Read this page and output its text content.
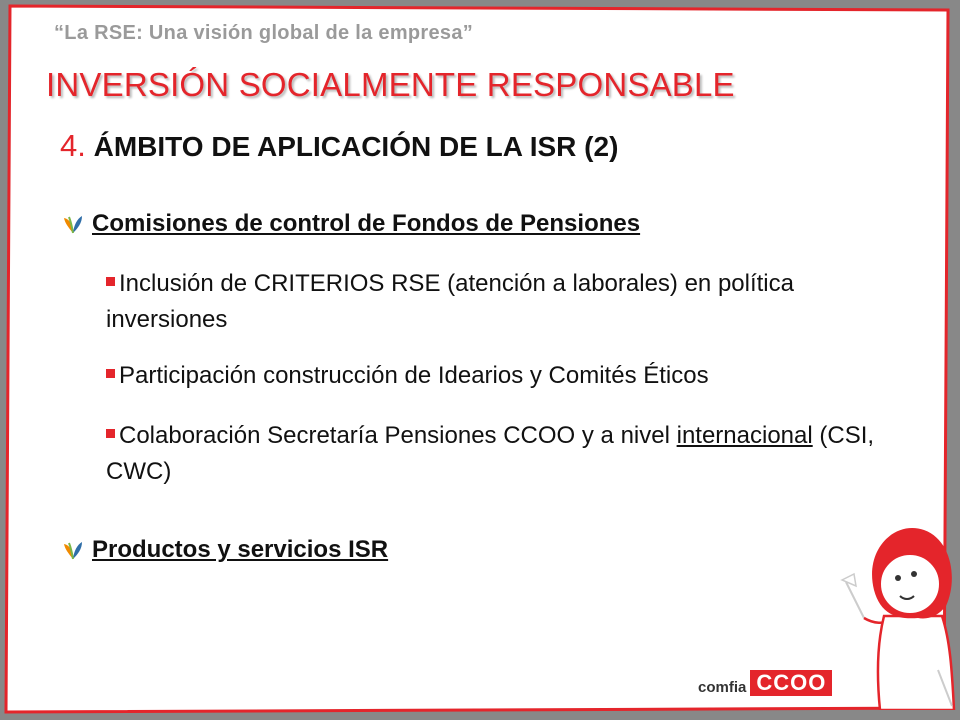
“La RSE: Una visión global de la empresa”
INVERSIÓN SOCIALMENTE RESPONSABLE
4. ÁMBITO DE APLICACIÓN DE LA ISR (2)
Comisiones de control de Fondos de Pensiones
Inclusión de CRITERIOS RSE (atención a laborales) en política inversiones
Participación construcción de Idearios y Comités Éticos
Colaboración Secretaría Pensiones CCOO y a nivel internacional (CSI, CWC)
Productos y servicios ISR
comfia CCOO
